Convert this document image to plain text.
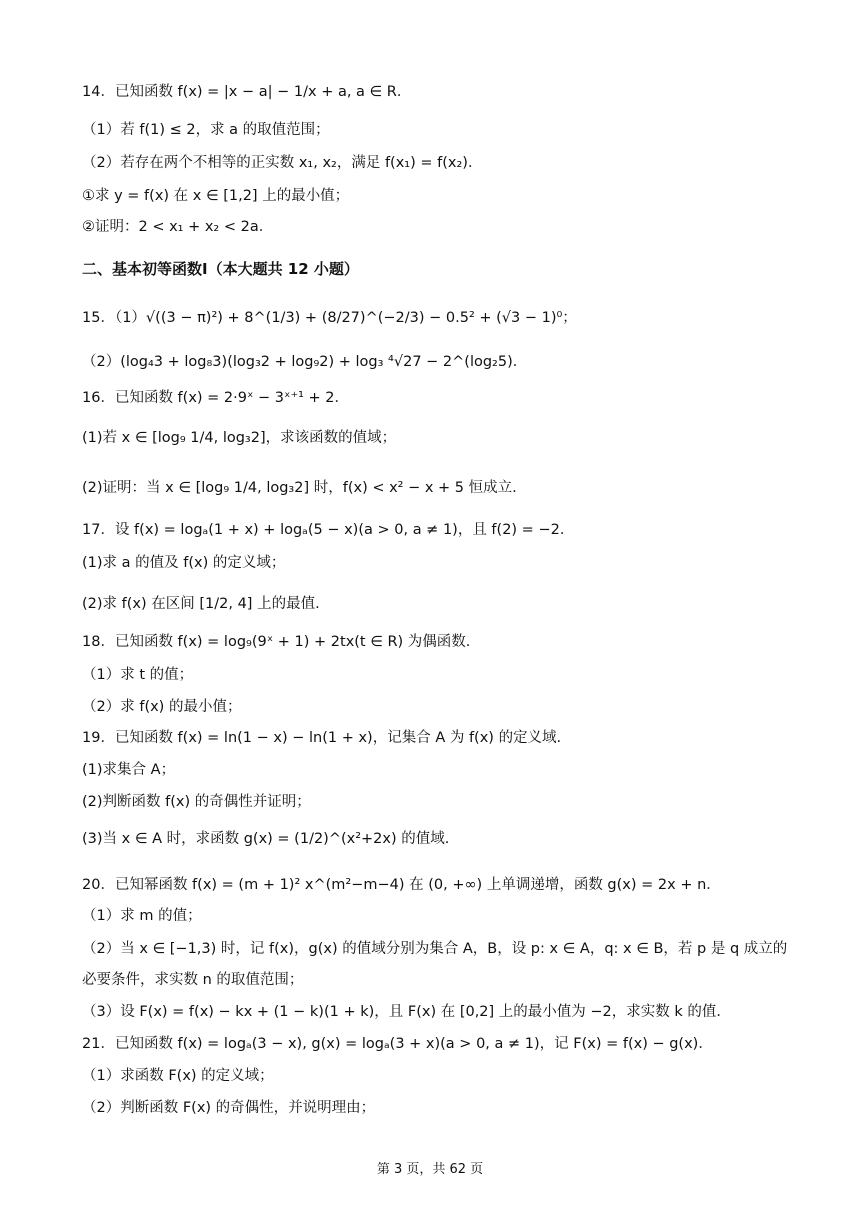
14．已知函数 f(x) = |x − a| − 1/x + a, a ∈ R．
（1）若 f(1) ≤ 2，求 a 的取值范围；
（2）若存在两个不相等的正实数 x₁, x₂，满足 f(x₁) = f(x₂)．
①求 y = f(x) 在 x ∈ [1,2] 上的最小值；
②证明：2 < x₁ + x₂ < 2a．
二、基本初等函数Ⅰ（本大题共 12 小题）
15．（1）√((3 − π)²) + 8^(1/3) + (8/27)^(−2/3) − 0.5² + (√3 − 1)⁰；
（2）(log₄3 + log₈3)(log₃2 + log₉2) + log₃ ⁴√27 − 2^(log₂5)．
16．已知函数 f(x) = 2·9ˣ − 3ˣ⁺¹ + 2．
(1)若 x ∈ [log₉ 1/4, log₃2]，求该函数的值域；
(2)证明：当 x ∈ [log₉ 1/4, log₃2] 时，f(x) < x² − x + 5 恒成立.
17．设 f(x) = logₐ(1 + x) + logₐ(5 − x)(a > 0, a ≠ 1)，且 f(2) = −2．
(1)求 a 的值及 f(x) 的定义域；
(2)求 f(x) 在区间 [1/2, 4] 上的最值.
18．已知函数 f(x) = log₉(9ˣ + 1) + 2tx(t ∈ R) 为偶函数.
（1）求 t 的值；
（2）求 f(x) 的最小值；
19．已知函数 f(x) = ln(1 − x) − ln(1 + x)，记集合 A 为 f(x) 的定义域.
(1)求集合 A；
(2)判断函数 f(x) 的奇偶性并证明；
(3)当 x ∈ A 时，求函数 g(x) = (1/2)^(x²+2x) 的值域.
20．已知幂函数 f(x) = (m + 1)² x^(m²−m−4) 在 (0, +∞) 上单调递增，函数 g(x) = 2x + n．
（1）求 m 的值；
（2）当 x ∈ [−1,3) 时，记 f(x)，g(x) 的值域分别为集合 A，B，设 p: x ∈ A，q: x ∈ B，若 p 是 q 成立的
必要条件，求实数 n 的取值范围；
（3）设 F(x) = f(x) − kx + (1 − k)(1 + k)，且 F(x) 在 [0,2] 上的最小值为 −2，求实数 k 的值．
21．已知函数 f(x) = logₐ(3 − x), g(x) = logₐ(3 + x)(a > 0, a ≠ 1)，记 F(x) = f(x) − g(x)．
（1）求函数 F(x) 的定义域；
（2）判断函数 F(x) 的奇偶性，并说明理由；
第 3 页，共 62 页
